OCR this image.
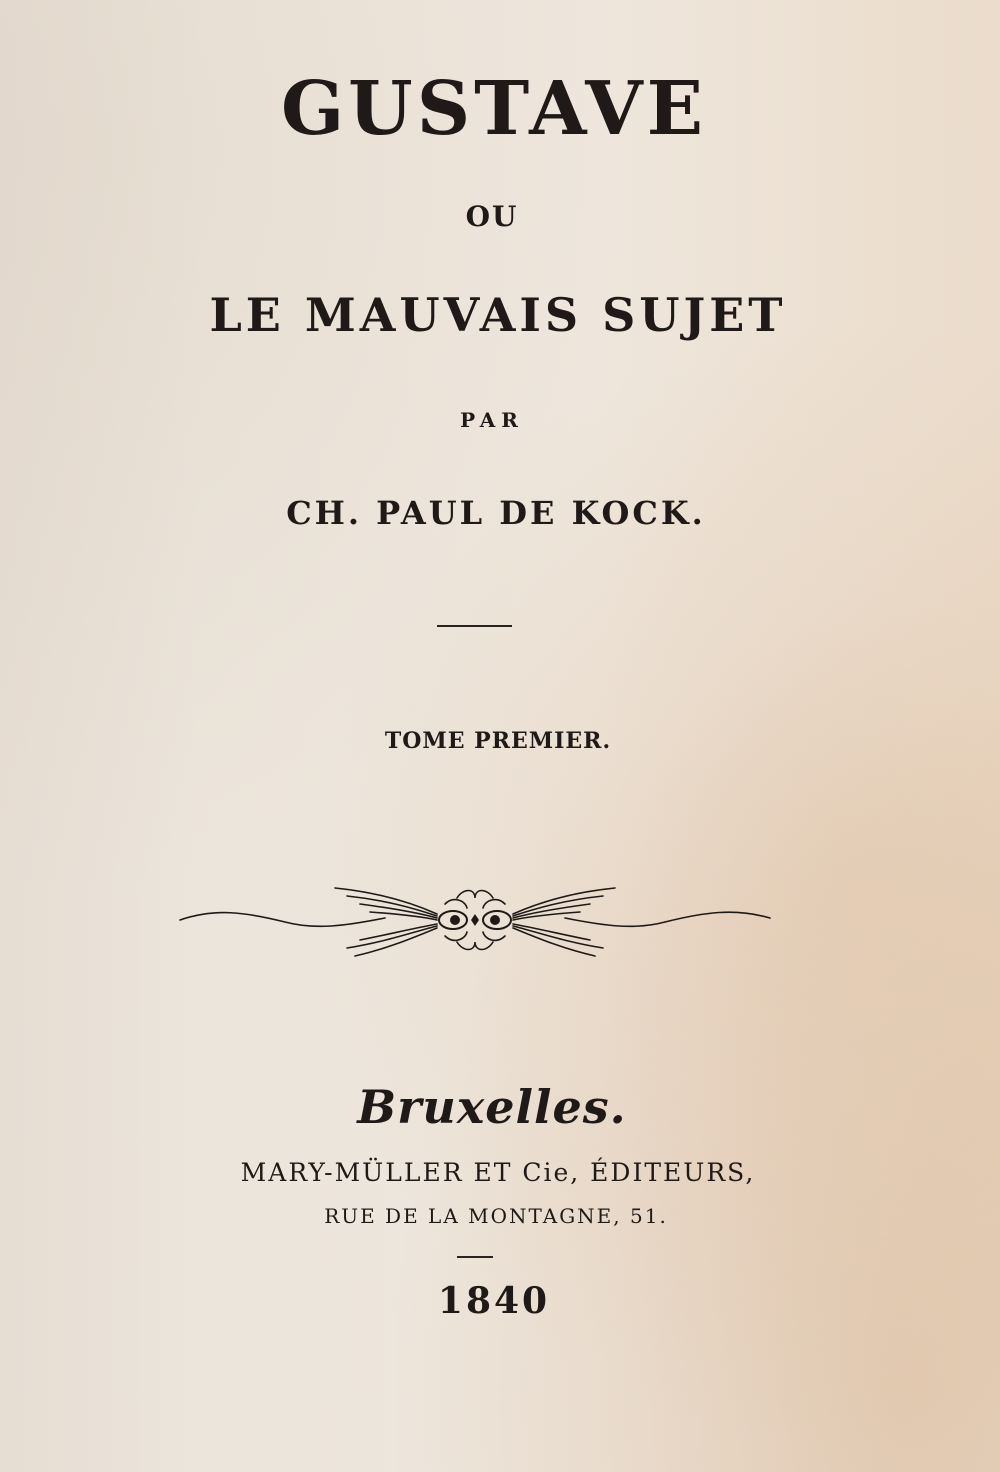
GUSTAVE
OU
LE MAUVAIS SUJET
PAR
CH. PAUL DE KOCK.
TOME PREMIER.
Bruxelles.
MARY-MÜLLER ET Cie, ÉDITEURS,
RUE DE LA MONTAGNE, 51.
1840
